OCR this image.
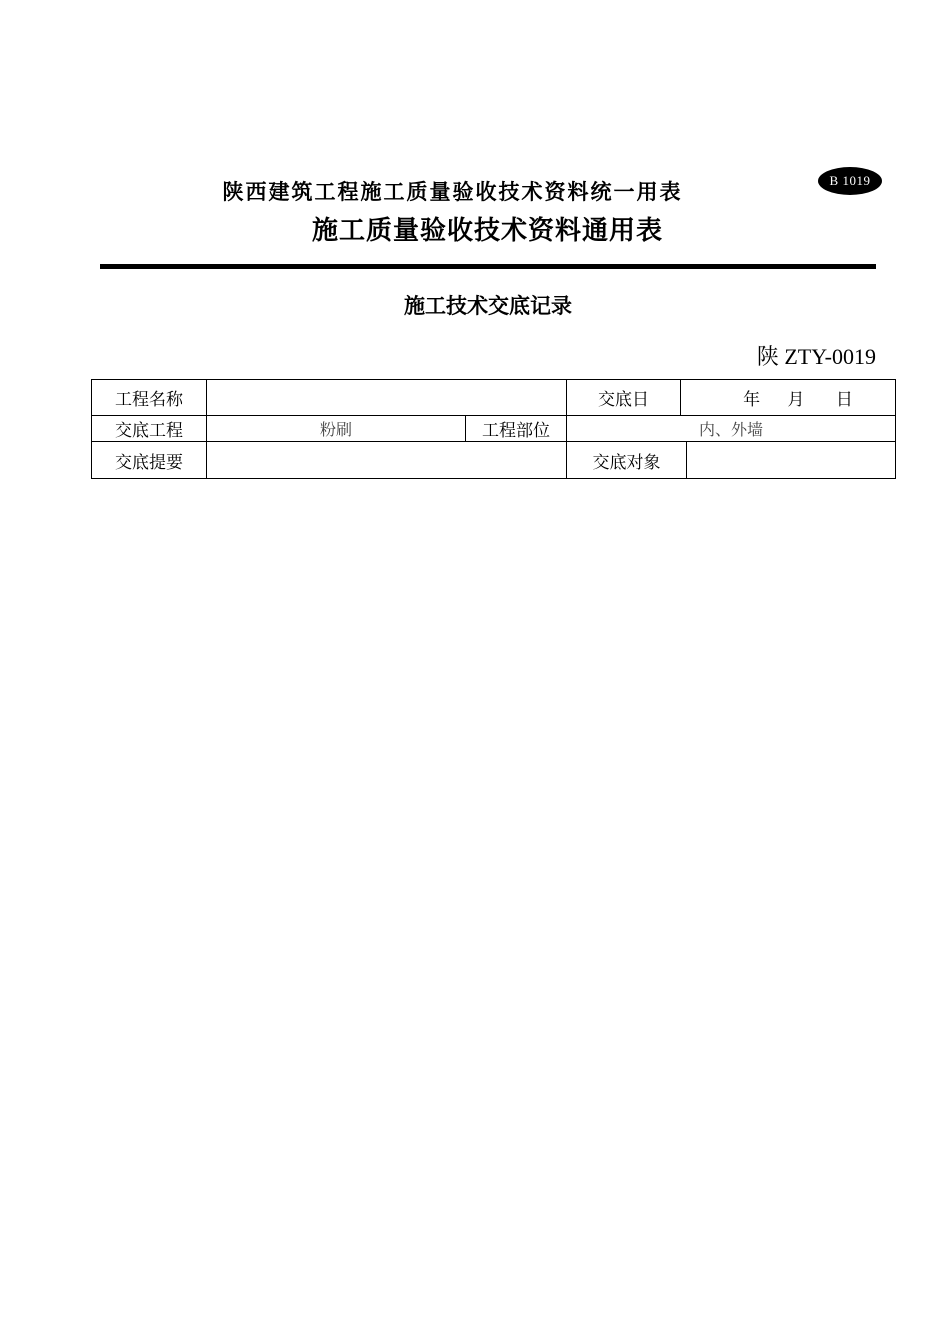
B 1019
陕西建筑工程施工质量验收技术资料统一用表
施工质量验收技术资料通用表
施工技术交底记录
陕 ZTY-0019
工程名称			交底日	年 月 日	
交底工程	粉刷	工程部位	内、外墙		
交底提要			交底对象		
